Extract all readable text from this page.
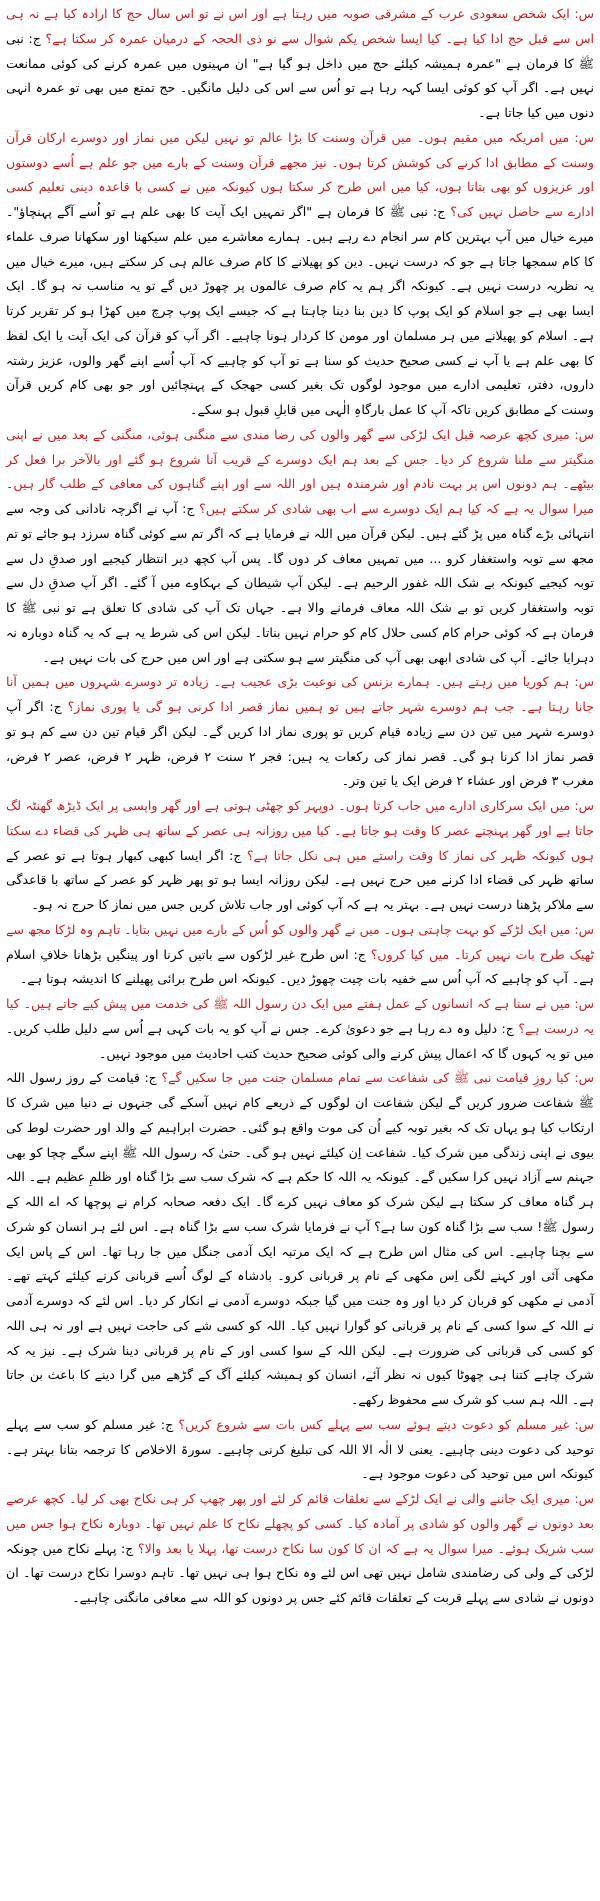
س: ایک شخص سعودی عرب کے مشرقی صوبہ میں رہتا ہے اور اس نے تو اس سال حج کا ارادہ کیا ہے نہ ہی اس سے قبل حج ادا کیا ہے۔ کیا ایسا شخص یکم شوال سے نو ذی الحجہ کے درمیان عمرہ کر سکتا ہے؟ ج: نبی ﷺ کا فرمان ہے "عمرہ ہمیشہ کیلئے حج میں داخل ہو گیا ہے" ان مہینوں میں عمرہ کرنے کی کوئی ممانعت نہیں ہے۔ اگر آپ کو کوئی ایسا کہہ رہا ہے تو اُس سے اس کی دلیل مانگیں۔ حج تمتع میں بھی تو عمرہ انہی دنوں میں کیا جاتا ہے۔

س: میں امریکہ میں مقیم ہوں۔ میں قرآن وسنت کا بڑا عالم تو نہیں لیکن میں نماز اور دوسرے ارکان قرآن وسنت کے مطابق ادا کرنے کی کوشش کرتا ہوں۔ نیز مجھے قرآن وسنت کے بارے میں جو علم ہے اُسے دوستوں اور عزیزوں کو بھی بتاتا ہوں، کیا میں اس طرح کر سکتا ہوں کیونکہ میں نے کسی با قاعدہ دینی تعلیم کسی ادارے سے حاصل نہیں کی؟ ج: نبی ﷺ کا فرمان ہے "اگر تمہیں ایک آیت کا بھی علم ہے تو اُسے آگے پہنچاؤ"۔ میرے خیال میں آپ بہترین کام سر انجام دے رہے ہیں۔ ہمارے معاشرے میں علم سیکھنا اور سکھانا صرف علماء کا کام سمجھا جاتا ہے جو کہ درست نہیں۔ دین کو پھیلانے کا کام صرف عالم ہی کر سکتے ہیں، میرے خیال میں یہ نظریہ درست نہیں ہے۔ کیونکہ اگر ہم یہ کام صرف عالموں پر چھوڑ دیں گے تو یہ مناسب نہ ہو گا۔ ایک ایسا بھی ہے جو اسلام کو ایک پوپ کا دین بنا دینا چاہتا ہے کہ جیسے ایک پوپ چرچ میں کھڑا ہو کر تقریر کرتا ہے۔ اسلام کو پھیلانے میں ہر مسلمان اور مومن کا کردار ہونا چاہیے۔ اگر آپ کو قرآن کی ایک آیت یا ایک لفظ کا بھی علم ہے یا آپ نے کسی صحیح حدیث کو سنا ہے تو آپ کو چاہیے کہ آپ اُسے اپنے گھر والوں، عزیز رشتہ داروں، دفتر، تعلیمی ادارے میں موجود لوگوں تک بغیر کسی جھجک کے پہنچائیں اور جو بھی کام کریں قرآن وسنت کے مطابق کریں تاکہ آپ کا عمل بارگاہِ الٰہی میں قابلِ قبول ہو سکے۔

س: میری کچھ عرصہ قبل ایک لڑکی سے گھر والوں کی رضا مندی سے منگنی ہوئی، منگنی کے بعد میں نے اپنی منگیتر سے ملنا شروع کر دیا۔ جس کے بعد ہم ایک دوسرے کے قریب آنا شروع ہو گئے اور بالآخر برا فعل کر بیٹھے۔ ہم دونوں اس پر بہت نادم اور شرمندہ ہیں اور اللہ سے اور اپنے گناہوں کی معافی کے طلب گار ہیں۔ میرا سوال یہ ہے کہ کیا ہم ایک دوسرے سے اب بھی شادی کر سکتے ہیں؟ ج: آپ نے اگرچہ نادانی کی وجہ سے انتہائی بڑے گناہ میں پڑ گئے ہیں۔ لیکن قرآن میں اللہ نے فرمایا ہے کہ اگر تم سے کوئی گناہ سرزد ہو جائے تو تم مجھ سے توبہ واستغفار کرو ... میں تمہیں معاف کر دوں گا۔ پس آپ کچھ دیر انتظار کیجیے اور صدقِ دل سے توبہ کیجیے کیونکہ بے شک اللہ غفور الرحیم ہے۔ لیکن آپ شیطان کے بہکاوے میں آ گئے۔ اگر آپ صدقِ دل سے توبہ واستغفار کریں تو بے شک اللہ معاف فرمانے والا ہے۔ جہاں تک آپ کی شادی کا تعلق ہے تو نبی ﷺ کا فرمان ہے کہ کوئی حرام کام کسی حلال کام کو حرام نہیں بناتا۔ لیکن اس کی شرط یہ ہے کہ یہ گناہ دوبارہ نہ دہرایا جائے۔ آپ کی شادی ابھی بھی آپ کی منگیتر سے ہو سکتی ہے اور اس میں حرج کی بات نہیں ہے۔

س: ہم کوریا میں رہتے ہیں۔ ہمارے بزنس کی نوعیت بڑی عجیب ہے۔ زیادہ تر دوسرے شہروں میں ہمیں آنا جانا رہتا ہے۔ جب ہم دوسرے شہر جاتے ہیں تو ہمیں نماز قصر ادا کرنی ہو گی یا پوری نماز؟ ج: اگر آپ دوسرے شہر میں تین دن سے زیادہ قیام کریں تو پوری نماز ادا کریں گے۔ لیکن اگر قیام تین دن سے کم ہو تو قصر نماز ادا کرنا ہو گی۔ قصر نماز کی رکعات یہ ہیں: فجر ۲ سنت ۲ فرض، ظہر ۲ فرض، عصر ۲ فرض، مغرب ۳ فرض اور عشاء ۲ فرض ایک یا تین وتر۔

س: میں ایک سرکاری ادارے میں جاب کرتا ہوں۔ دوپہر کو چھٹی ہوتی ہے اور گھر واپسی پر ایک ڈیڑھ گھنٹہ لگ جاتا ہے اور گھر پہنچتے عصر کا وقت ہو جاتا ہے۔ کیا میں روزانہ ہی عصر کے ساتھ ہی ظہر کی قضاء دے سکتا ہوں کیونکہ ظہر کی نماز کا وقت راستے میں ہی نکل جاتا ہے؟ ج: اگر ایسا کبھی کبھار ہوتا ہے تو عصر کے ساتھ ظہر کی قضاء ادا کرنے میں حرج نہیں ہے۔ لیکن روزانہ ایسا ہو تو پھر ظہر کو عصر کے ساتھ با قاعدگی سے ملاکر پڑھنا درست نہیں ہے۔ بہتر یہ ہے کہ آپ کوئی اور جاب تلاش کریں جس میں نماز کا حرج نہ ہو۔

س: میں ایک لڑکے کو بہت چاہتی ہوں۔ میں نے گھر والوں کو اُس کے بارے میں نہیں بتایا۔ تاہم وہ لڑکا مجھ سے ٹھیک طرح بات نہیں کرتا۔ میں کیا کروں؟ ج: اس طرح غیر لڑکوں سے باتیں کرنا اور پینگیں بڑھانا خلافِ اسلام ہے۔ آپ کو چاہیے کہ آپ اُس سے خفیہ بات چیت چھوڑ دیں۔ کیونکہ اس طرح برائی پھیلنے کا اندیشہ ہوتا ہے۔

س: میں نے سنا ہے کہ انسانوں کے عمل ہفتے میں ایک دن رسول اللہ ﷺ کی خدمت میں پیش کیے جاتے ہیں۔ کیا یہ درست ہے؟ ج: دلیل وہ دے رہا ہے جو دعویٰ کرے۔ جس نے آپ کو یہ بات کہی ہے اُس سے دلیل طلب کریں۔ میں تو یہ کہوں گا کہ اعمال پیش کرنے والی کوئی صحیح حدیث کتب احادیث میں موجود نہیں۔

س: کیا روزِ قیامت نبی ﷺ کی شفاعت سے تمام مسلمان جنت میں جا سکیں گے؟ ج: قیامت کے روز رسول اللہ ﷺ شفاعت ضرور کریں گے لیکن شفاعت ان لوگوں کے ذریعے کام نہیں آسکے گی جنہوں نے دنیا میں شرک کا ارتکاب کیا ہو یہاں تک کہ بغیر توبہ کیے اُن کی موت واقع ہو گئی۔ حضرت ابراہیم کے والد اور حضرت لوط کی بیوی نے اپنی زندگی میں شرک کیا۔ شفاعت اِن کیلئے نہیں ہو گی۔ حتیٰ کہ رسول اللہ ﷺ اپنے سگے چچا کو بھی جہنم سے آزاد نہیں کرا سکیں گے۔ کیونکہ یہ اللہ کا حکم ہے کہ شرک سب سے بڑا گناہ اور ظلمِ عظیم ہے۔ اللہ ہر گناہ معاف کر سکتا ہے لیکن شرک کو معاف نہیں کرے گا۔ ایک دفعہ صحابہ کرام نے پوچھا کہ اے اللہ کے رسول ﷺ! سب سے بڑا گناہ کون سا ہے؟ آپ نے فرمایا شرک سب سے بڑا گناہ ہے۔ اس لئے ہر انسان کو شرک سے بچنا چاہیے۔ اس کی مثال اس طرح ہے کہ ایک مرتبہ ایک آدمی جنگل میں جا رہا تھا۔ اس کے پاس ایک مکھی آئی اور کہنے لگی اِس مکھی کے نام پر قربانی کرو۔ بادشاہ کے لوگ اُسے قربانی کرنے کیلئے کہتے تھے۔ آدمی نے مکھی کو قربان کر دیا اور وہ جنت میں گیا جبکہ دوسرے آدمی نے انکار کر دیا۔ اس لئے کہ دوسرے آدمی نے اللہ کے سوا کسی کے نام پر قربانی کو گوارا نہیں کیا۔ اللہ کو کسی شے کی حاجت نہیں ہے اور نہ ہی اللہ کو کسی کی قربانی کی ضرورت ہے۔ لیکن اللہ کے سوا کسی اور کے نام پر قربانی دینا شرک ہے۔ نیز یہ کہ شرک چاہے کتنا ہی چھوٹا کیوں نہ نظر آئے، انسان کو ہمیشہ کیلئے آگ کے گڑھے میں گرا دینے کا باعث بن جاتا ہے۔ اللہ ہم سب کو شرک سے محفوظ رکھے۔

س: غیر مسلم کو دعوت دیتے ہوئے سب سے پہلے کس بات سے شروع کریں؟ ج: غیر مسلم کو سب سے پہلے توحید کی دعوت دینی چاہیے۔ یعنی لا الٰہ الا اللہ کی تبلیغ کرنی چاہیے۔ سورۃ الاخلاص کا ترجمہ بتانا بہتر ہے۔ کیونکہ اس میں توحید کی دعوت موجود ہے۔

س: میری ایک جاننے والی نے ایک لڑکے سے تعلقات قائم کر لئے اور پھر چھپ کر ہی نکاح بھی کر لیا۔ کچھ عرصے بعد دونوں نے گھر والوں کو شادی پر آمادہ کیا۔ کسی کو پچھلے نکاح کا علم نہیں تھا۔ دوبارہ نکاح ہوا جس میں سب شریک ہوئے۔ میرا سوال یہ ہے کہ ان کا کون سا نکاح درست تھا، پہلا یا بعد والا؟ ج: پہلے نکاح میں چونکہ لڑکی کے ولی کی رضامندی شامل نہیں تھی اس لئے وہ نکاح ہوا ہی نہیں تھا۔ تاہم دوسرا نکاح درست تھا۔ ان دونوں نے شادی سے پہلے قربت کے تعلقات قائم کئے جس پر دونوں کو اللہ سے معافی مانگنی چاہیے۔
